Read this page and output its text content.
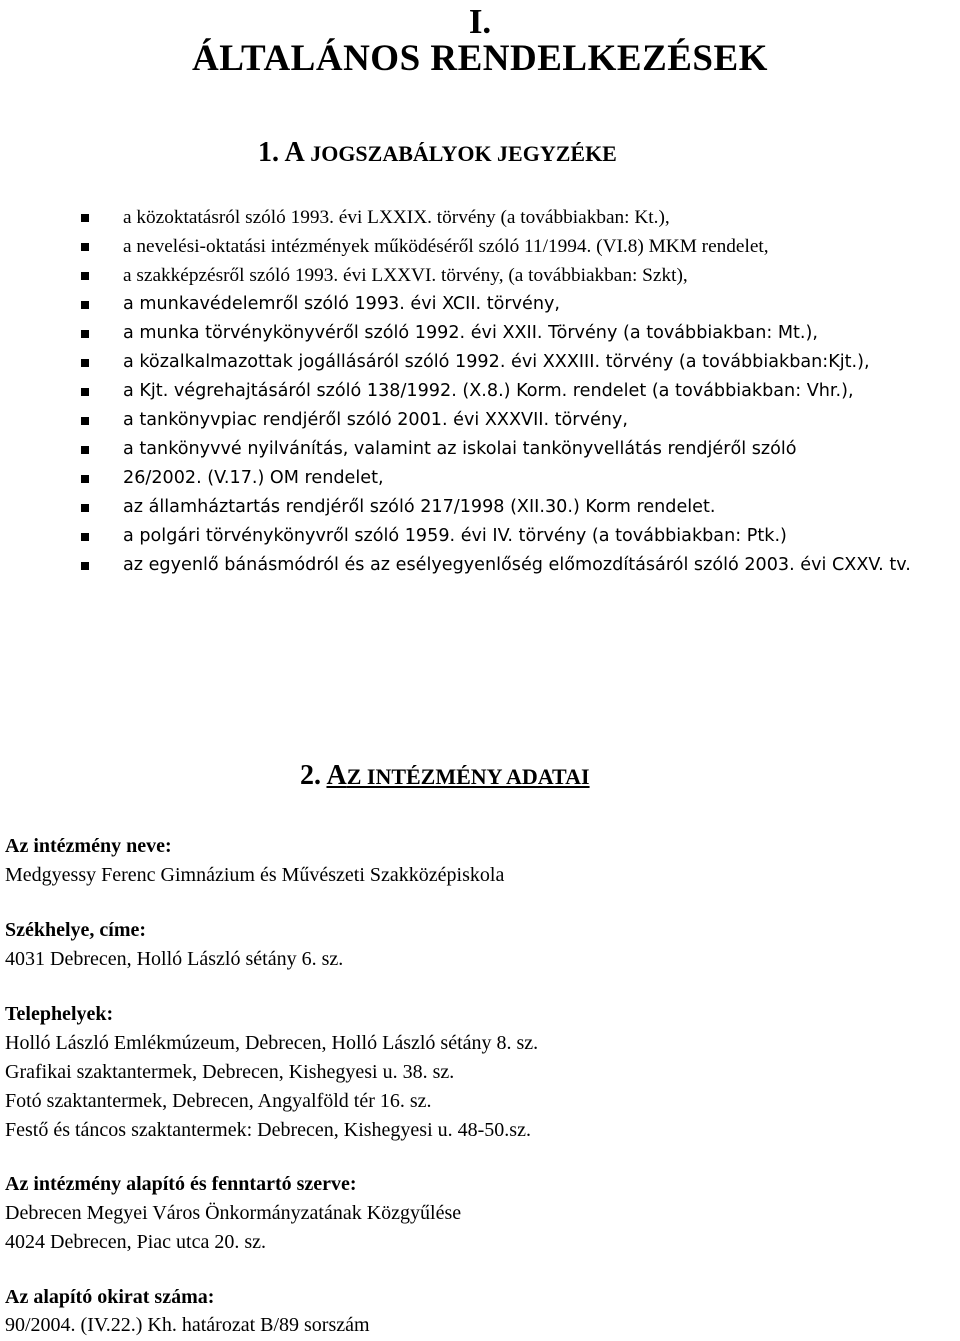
I.
ÁLTALÁNOS RENDELKEZÉSEK
1. A JOGSZABÁLYOK JEGYZÉKE
a közoktatásról szóló 1993. évi LXXIX. törvény (a továbbiakban: Kt.),
a nevelési-oktatási intézmények működéséről szóló 11/1994. (VI.8) MKM rendelet,
a szakképzésről szóló 1993. évi LXXVI. törvény, (a továbbiakban: Szkt),
a munkavédelemről szóló 1993. évi XCII. törvény,
a munka törvénykönyvéről szóló 1992. évi XXII. Törvény (a továbbiakban: Mt.),
a közalkalmazottak jogállásáról szóló 1992. évi XXXIII. törvény (a továbbiakban:Kjt.),
a Kjt. végrehajtásáról szóló 138/1992. (X.8.) Korm. rendelet (a továbbiakban: Vhr.),
a tankönyvpiac rendjéről szóló 2001. évi XXXVII. törvény,
a tankönyvvé nyilvánítás, valamint az iskolai tankönyvellátás rendjéről szóló
26/2002. (V.17.) OM rendelet,
az államháztartás rendjéről szóló 217/1998 (XII.30.) Korm rendelet.
a polgári törvénykönyvről szóló 1959. évi IV. törvény (a továbbiakban: Ptk.)
az egyenlő bánásmódról és az esélyegyenlőség előmozdításáról szóló 2003. évi CXXV. tv.
2. AZ INTÉZMÉNY ADATAI
Az intézmény neve:
Medgyessy Ferenc Gimnázium és Művészeti Szakközépiskola
Székhelye, címe:
4031 Debrecen, Holló László sétány 6. sz.
Telephelyek:
Holló László Emlékmúzeum, Debrecen, Holló László sétány 8. sz.
Grafikai szaktantermek, Debrecen, Kishegyesi u. 38. sz.
Fotó szaktantermek, Debrecen, Angyalföld tér 16. sz.
Festő és táncos szaktantermek: Debrecen, Kishegyesi u. 48-50.sz.
Az intézmény alapító és fenntartó szerve:
Debrecen Megyei Város Önkormányzatának Közgyűlése
4024 Debrecen, Piac utca 20. sz.
Az alapító okirat száma:
90/2004. (IV.22.) Kh. határozat B/89 sorszám
